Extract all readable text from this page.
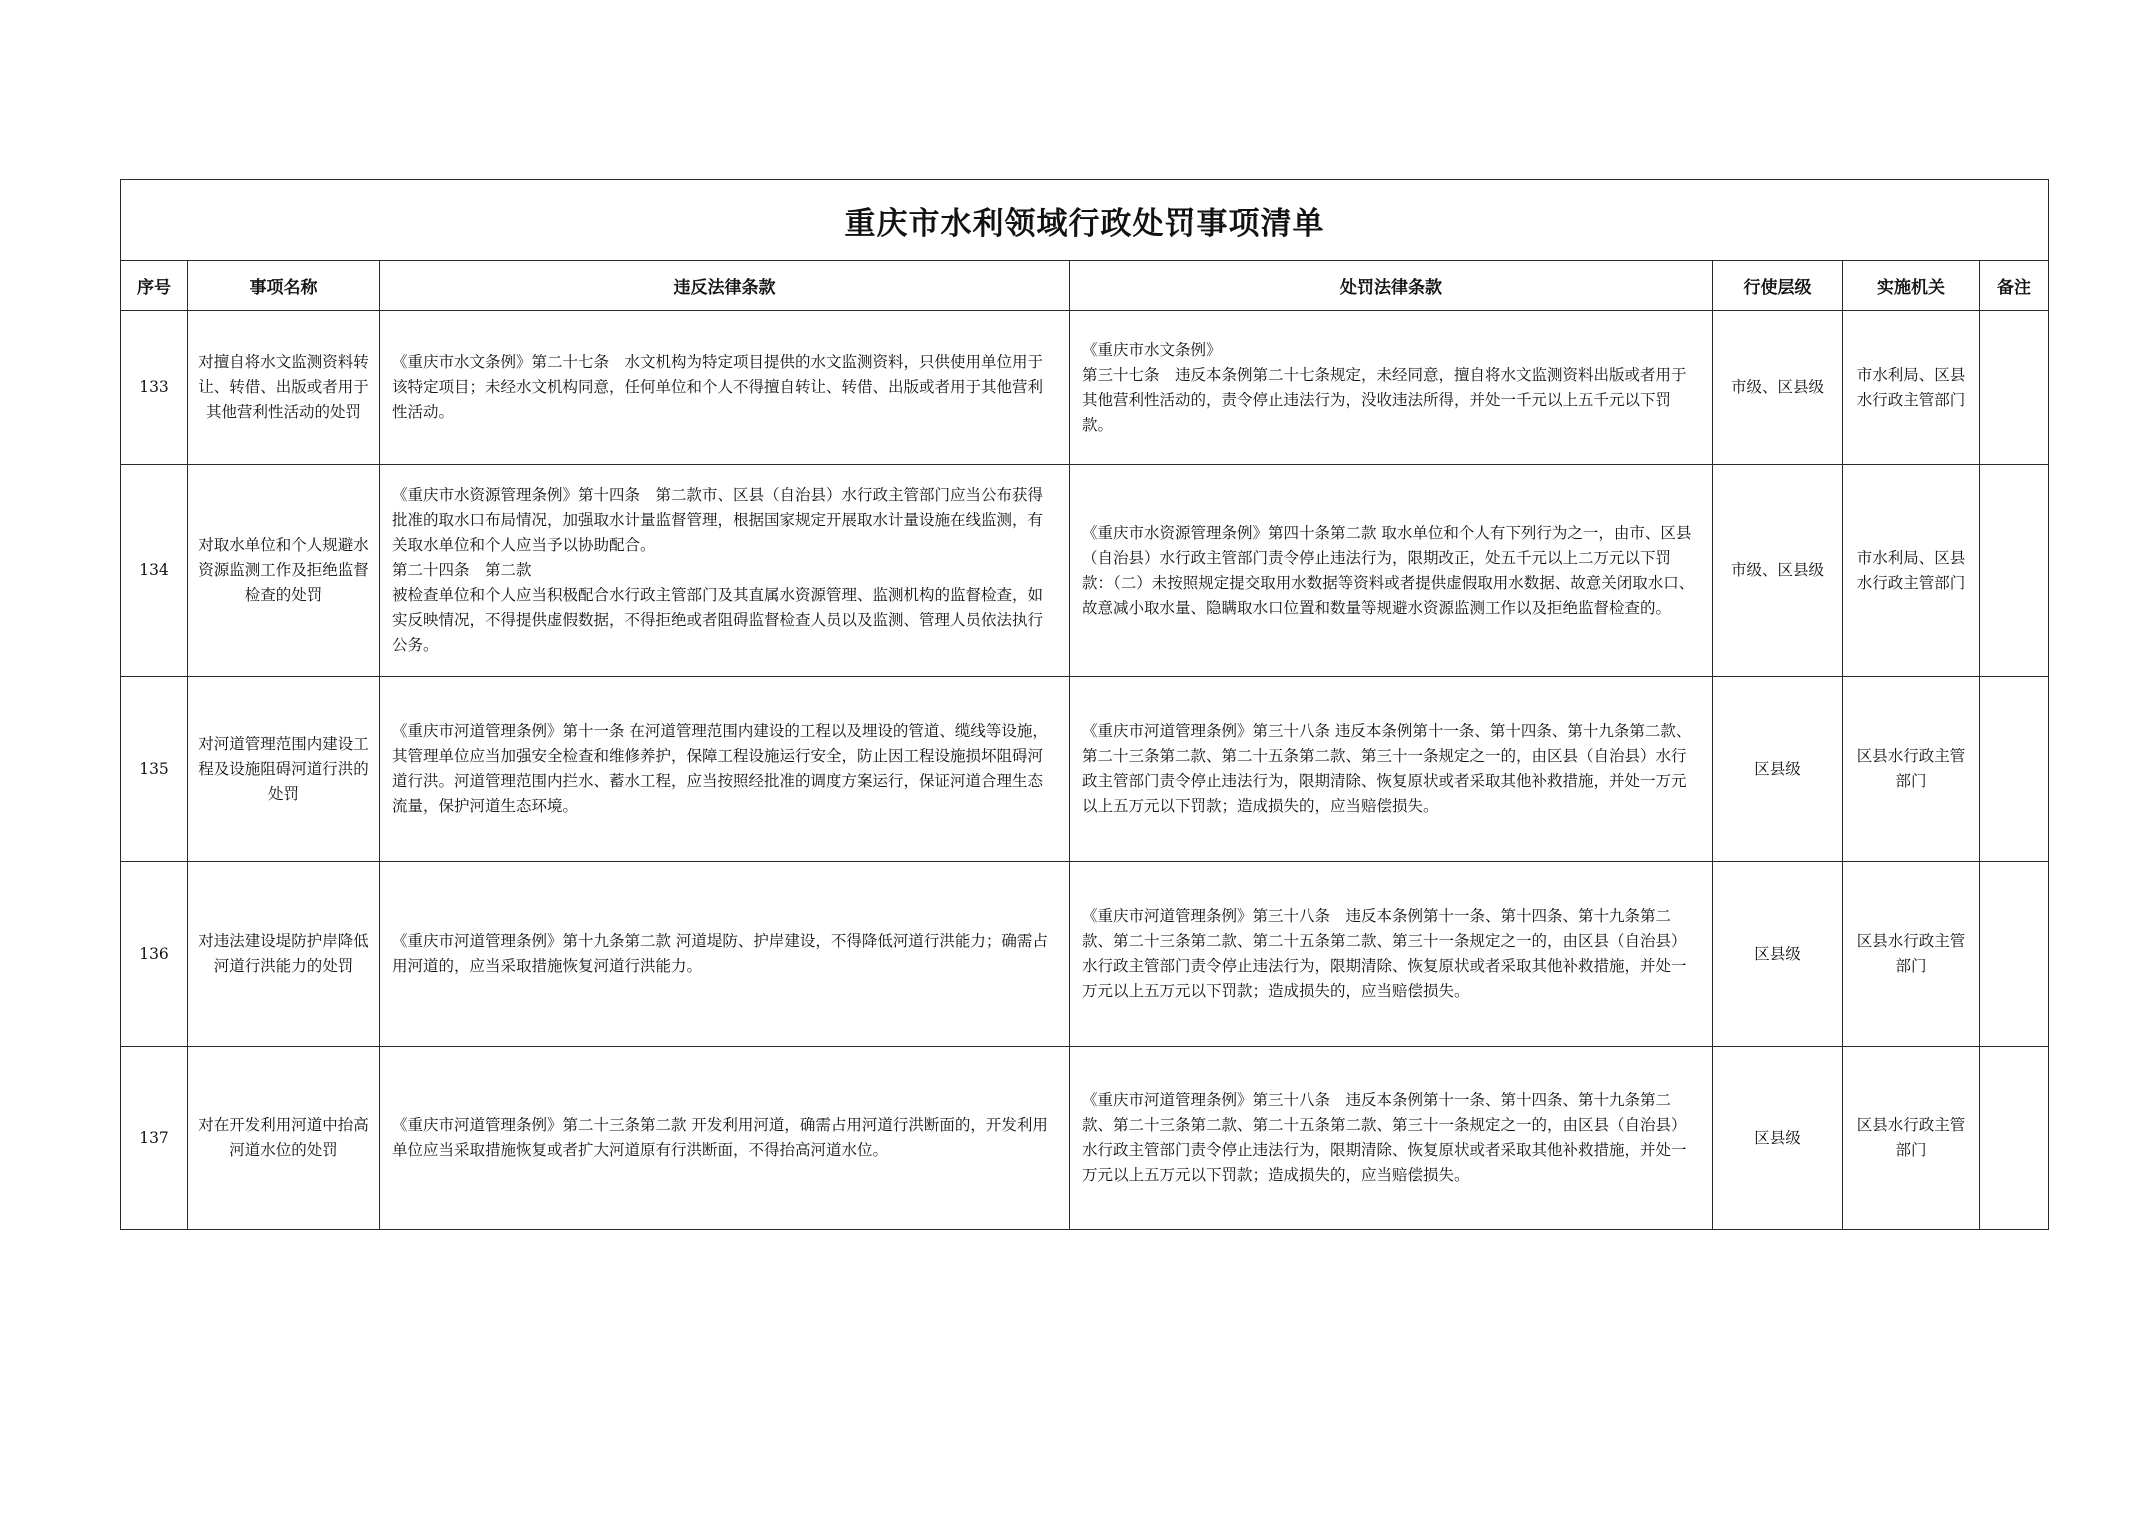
重庆市水利领域行政处罚事项清单						
序号	事项名称	违反法律条款	处罚法律条款	行使层级	实施机关	备注
133	对擅自将水文监测资料转让、转借、出版或者用于其他营利性活动的处罚	《重庆市水文条例》第二十七条　水文机构为特定项目提供的水文监测资料，只供使用单位用于该特定项目；未经水文机构同意，任何单位和个人不得擅自转让、转借、出版或者用于其他营利性活动。	《重庆市水文条例》
第三十七条　违反本条例第二十七条规定，未经同意，擅自将水文监测资料出版或者用于其他营利性活动的，责令停止违法行为，没收违法所得，并处一千元以上五千元以下罚款。	市级、区县级	市水利局、区县水行政主管部门	
134	对取水单位和个人规避水资源监测工作及拒绝监督检查的处罚	《重庆市水资源管理条例》第十四条　第二款市、区县（自治县）水行政主管部门应当公布获得批准的取水口布局情况，加强取水计量监督管理，根据国家规定开展取水计量设施在线监测，有关取水单位和个人应当予以协助配合。
第二十四条　第二款
被检查单位和个人应当积极配合水行政主管部门及其直属水资源管理、监测机构的监督检查，如实反映情况，不得提供虚假数据，不得拒绝或者阻碍监督检查人员以及监测、管理人员依法执行公务。	《重庆市水资源管理条例》第四十条第二款 取水单位和个人有下列行为之一，由市、区县（自治县）水行政主管部门责令停止违法行为，限期改正，处五千元以上二万元以下罚款：（二）未按照规定提交取用水数据等资料或者提供虚假取用水数据、故意关闭取水口、故意减小取水量、隐瞒取水口位置和数量等规避水资源监测工作以及拒绝监督检查的。	市级、区县级	市水利局、区县水行政主管部门	
135	对河道管理范围内建设工程及设施阻碍河道行洪的处罚	《重庆市河道管理条例》第十一条 在河道管理范围内建设的工程以及埋设的管道、缆线等设施，其管理单位应当加强安全检查和维修养护，保障工程设施运行安全，防止因工程设施损坏阻碍河道行洪。河道管理范围内拦水、蓄水工程，应当按照经批准的调度方案运行，保证河道合理生态流量，保护河道生态环境。	《重庆市河道管理条例》第三十八条 违反本条例第十一条、第十四条、第十九条第二款、第二十三条第二款、第二十五条第二款、第三十一条规定之一的，由区县（自治县）水行政主管部门责令停止违法行为，限期清除、恢复原状或者采取其他补救措施，并处一万元以上五万元以下罚款；造成损失的，应当赔偿损失。	区县级	区县水行政主管部门	
136	对违法建设堤防护岸降低河道行洪能力的处罚	《重庆市河道管理条例》第十九条第二款 河道堤防、护岸建设，不得降低河道行洪能力；确需占用河道的，应当采取措施恢复河道行洪能力。	《重庆市河道管理条例》第三十八条　违反本条例第十一条、第十四条、第十九条第二款、第二十三条第二款、第二十五条第二款、第三十一条规定之一的，由区县（自治县）水行政主管部门责令停止违法行为，限期清除、恢复原状或者采取其他补救措施，并处一万元以上五万元以下罚款；造成损失的，应当赔偿损失。	区县级	区县水行政主管部门	
137	对在开发利用河道中抬高河道水位的处罚	《重庆市河道管理条例》第二十三条第二款 开发利用河道，确需占用河道行洪断面的，开发利用单位应当采取措施恢复或者扩大河道原有行洪断面，不得抬高河道水位。	《重庆市河道管理条例》第三十八条　违反本条例第十一条、第十四条、第十九条第二款、第二十三条第二款、第二十五条第二款、第三十一条规定之一的，由区县（自治县）水行政主管部门责令停止违法行为，限期清除、恢复原状或者采取其他补救措施，并处一万元以上五万元以下罚款；造成损失的，应当赔偿损失。	区县级	区县水行政主管部门	
